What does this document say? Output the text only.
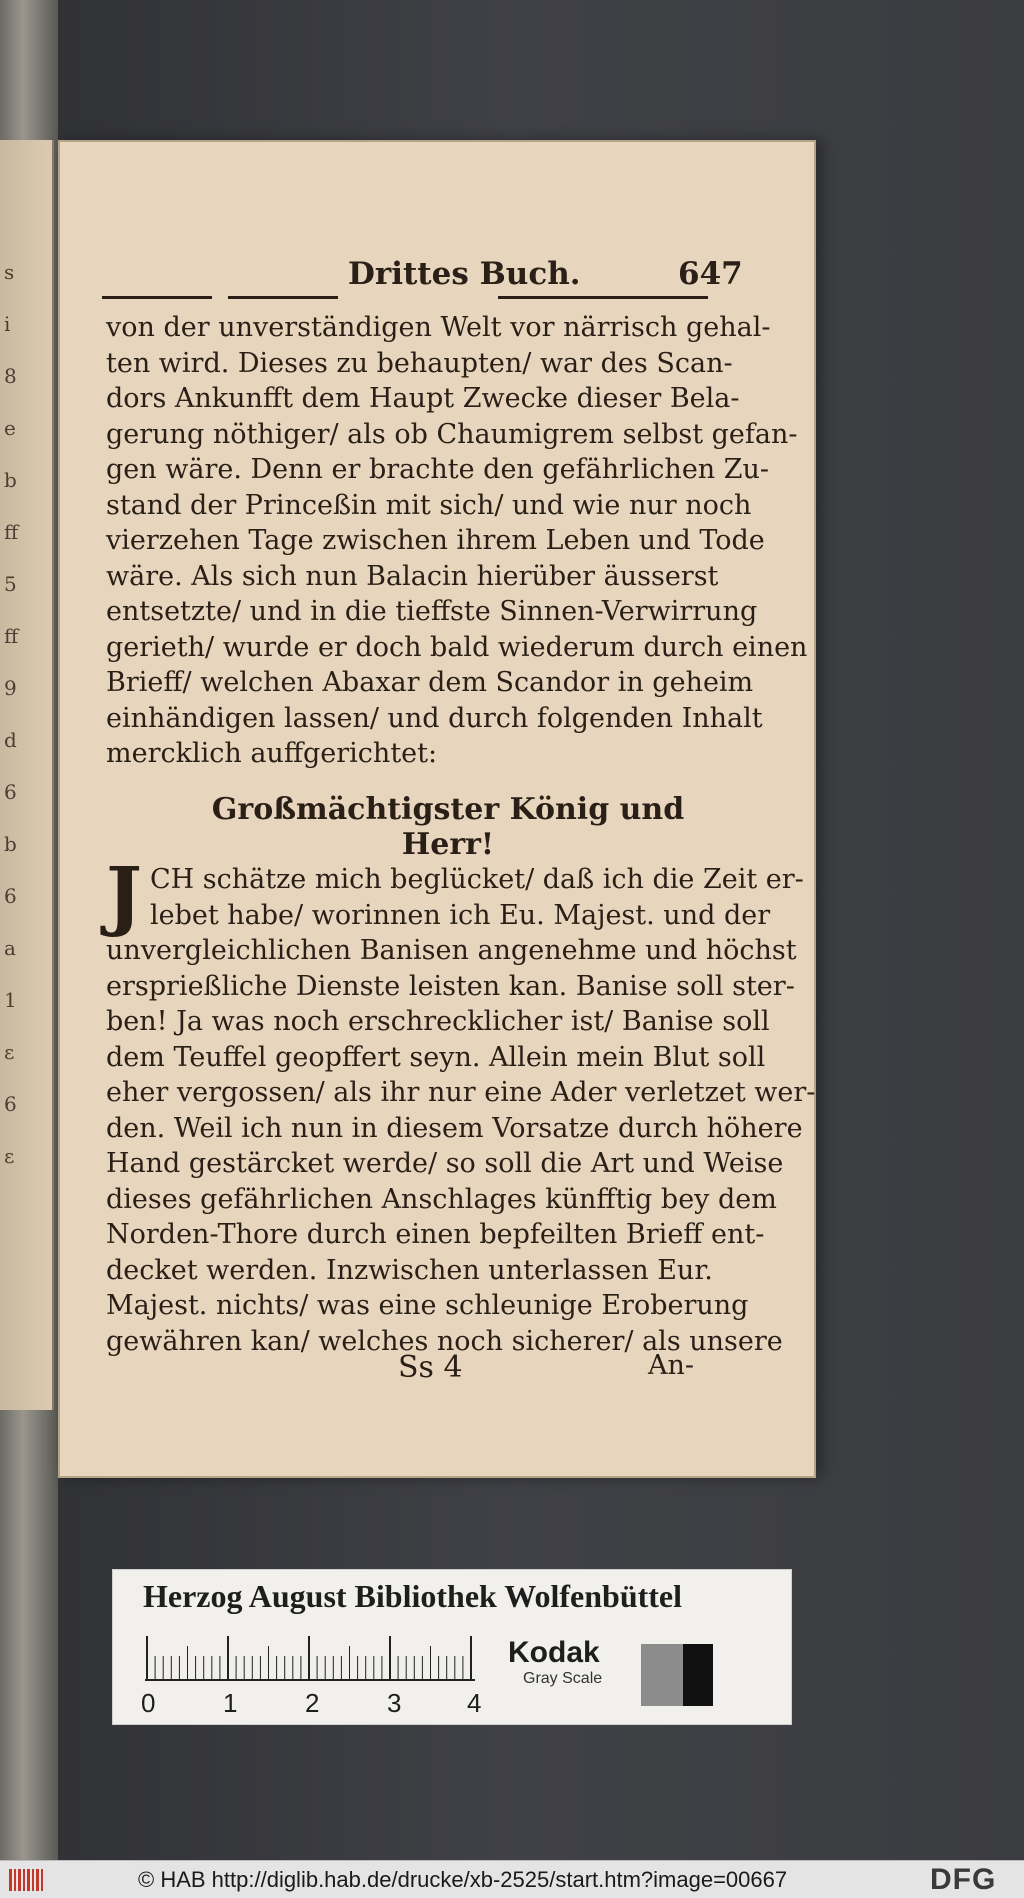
s
i
8
e
b
ff
5
ff
9
d
6
b
6
a
1
ɛ
6
ɛ
Drittes Buch.	647
von der unverständigen Welt vor närrisch gehal-
ten wird. Dieses zu behaupten/ war des Scan-
dors Ankunfft dem Haupt Zwecke dieser Bela-
gerung nöthiger/ als ob Chaumigrem selbst gefan-
gen wäre. Denn er brachte den gefährlichen Zu-
stand der Princeßin mit sich/ und wie nur noch
vierzehen Tage zwischen ihrem Leben und Tode
wäre. Als sich nun Balacin hierüber äusserst
entsetzte/ und in die tieffste Sinnen-Verwirrung
gerieth/ wurde er doch bald wiederum durch einen
Brieff/ welchen Abaxar dem Scandor in geheim
einhändigen lassen/ und durch folgenden Inhalt
mercklich auffgerichtet:
Großmächtigster König und Herr!
J CH schätze mich beglücket/ daß ich die Zeit er-
lebet habe/ worinnen ich Eu. Majest. und der
unvergleichlichen Banisen angenehme und höchst
ersprießliche Dienste leisten kan. Banise soll ster-
ben! Ja was noch erschrecklicher ist/ Banise soll
dem Teuffel geopffert seyn. Allein mein Blut soll
eher vergossen/ als ihr nur eine Ader verletzet wer-
den. Weil ich nun in diesem Vorsatze durch höhere
Hand gestärcket werde/ so soll die Art und Weise
dieses gefährlichen Anschlages künfftig bey dem
Norden-Thore durch einen bepfeilten Brieff ent-
decket werden. Inzwischen unterlassen Eur.
Majest. nichts/ was eine schleunige Eroberung
gewähren kan/ welches noch sicherer/ als unsere
Ss 4	An-
Herzog August Bibliothek Wolfenbüttel
0	1	2	3	4
Kodak
Gray Scale
© HAB http://diglib.hab.de/drucke/xb-2525/start.htm?image=00667	DFG
